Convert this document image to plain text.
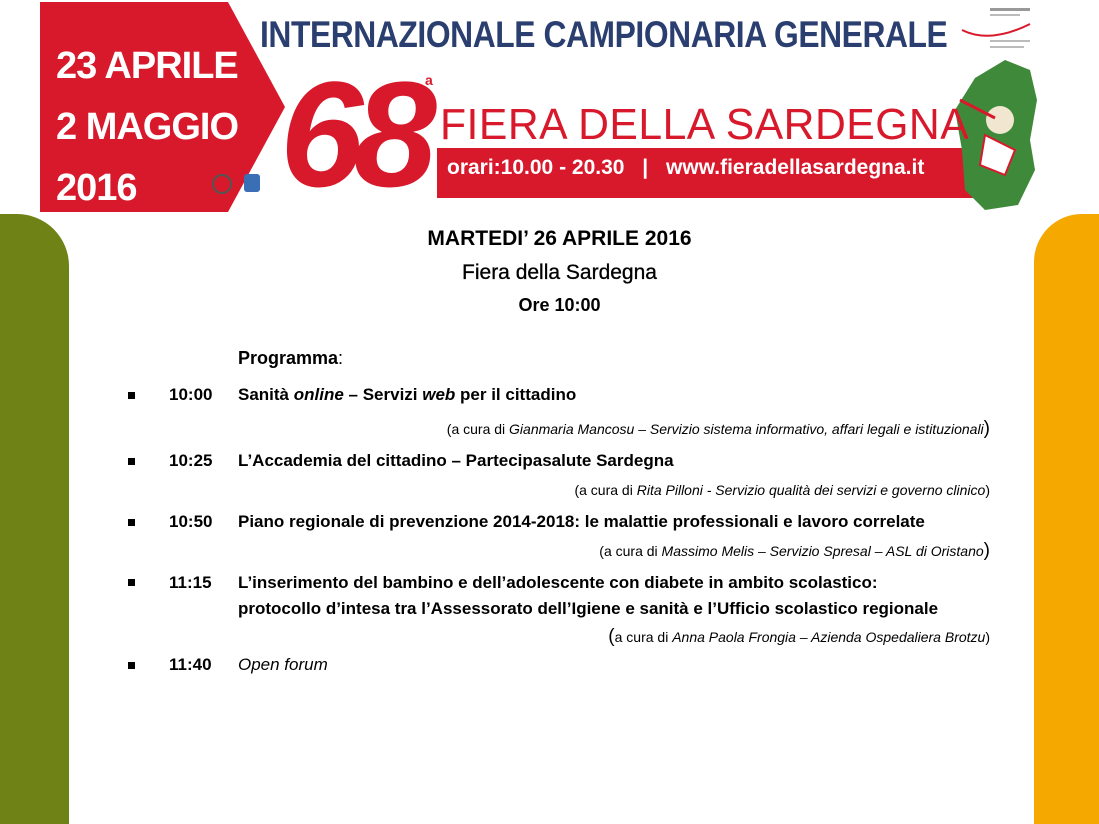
23 APRILE
2 MAGGIO
2016
INTERNAZIONALE CAMPIONARIA GENERALE
68
a
FIERA DELLA SARDEGNA
orari:10.00 - 20.30 | www.fieradellasardegna.it
MARTEDI’ 26 APRILE 2016
Fiera della Sardegna
Ore 10:00
Programma:
10:00 Sanità online – Servizi web per il cittadino
(a cura di Gianmaria Mancosu – Servizio sistema informativo, affari legali e istituzionali)
10:25 L’Accademia del cittadino – Partecipasalute Sardegna
(a cura di Rita Pilloni - Servizio qualità dei servizi e governo clinico)
10:50 Piano regionale di prevenzione 2014-2018: le malattie professionali e lavoro correlate
(a cura di Massimo Melis – Servizio Spresal – ASL di Oristano)
11:15 L’inserimento del bambino e dell’adolescente con diabete in ambito scolastico:
protocollo d’intesa tra l’Assessorato dell’Igiene e sanità e l’Ufficio scolastico regionale
(a cura di Anna Paola Frongia – Azienda Ospedaliera Brotzu)
11:40 Open forum
